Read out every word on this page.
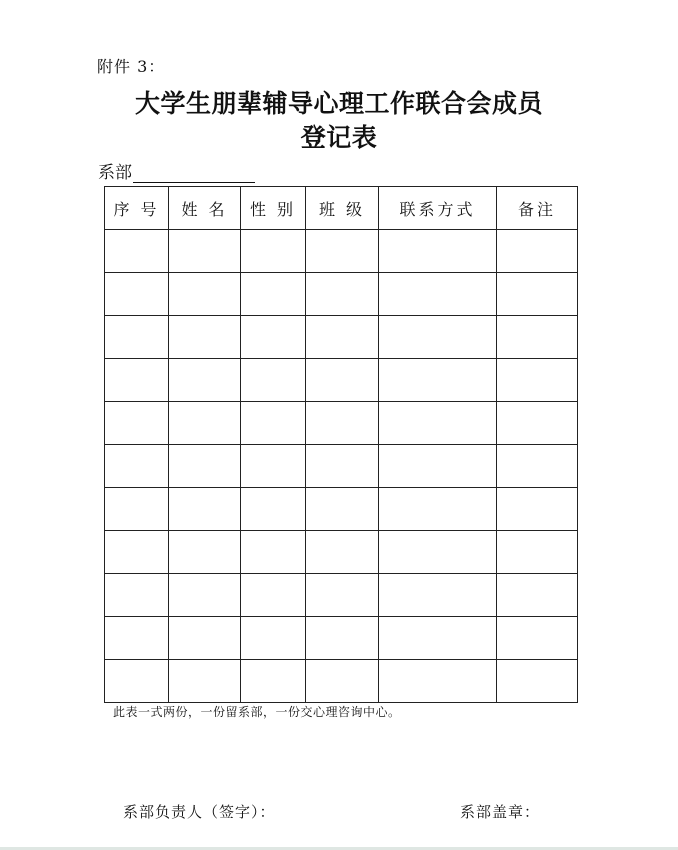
附件 3：
大学生朋辈辅导心理工作联合会成员
登记表
系部
序 号	姓 名	性 别	班 级	联系方式	备注

此表一式两份，一份留系部，一份交心理咨询中心。
系部负责人（签字）：	系部盖章：
